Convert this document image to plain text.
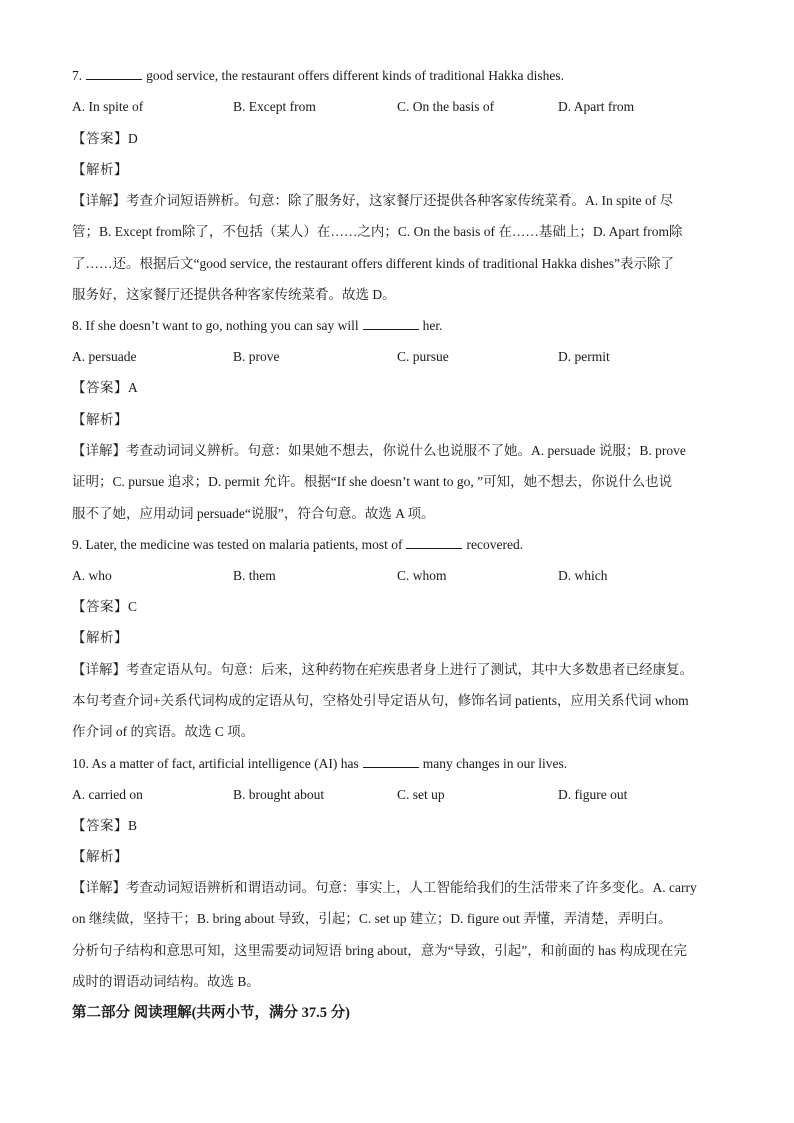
7.	good service, the restaurant offers different kinds of traditional Hakka dishes.
A. In spite of	B. Except from	C. On the basis of	D. Apart from
【答案】D
【解析】
【详解】考查介词短语辨析。句意：除了服务好，这家餐厅还提供各种客家传统菜肴。A. In spite of 尽
管；B. Except from除了，不包括（某人）在……之内；C. On the basis of 在……基础上；D. Apart from除
了……还。根据后文“good service, the restaurant offers different kinds of traditional Hakka dishes”表示除了
服务好，这家餐厅还提供各种客家传统菜肴。故选 D。
8. If she doesn’t want to go, nothing you can say will	her.
A. persuade	B. prove	C. pursue	D. permit
【答案】A
【解析】
【详解】考查动词词义辨析。句意：如果她不想去，你说什么也说服不了她。A. persuade 说服；B. prove
证明；C. pursue 追求；D. permit 允许。根据“If she doesn’t want to go, ”可知，她不想去，你说什么也说
服不了她，应用动词 persuade“说服”，符合句意。故选 A 项。
9. Later, the medicine was tested on malaria patients, most of	recovered.
A. who	B. them	C. whom	D. which
【答案】C
【解析】
【详解】考查定语从句。句意：后来，这种药物在疟疾患者身上进行了测试，其中大多数患者已经康复。
本句考查介词+关系代词构成的定语从句，空格处引导定语从句，修饰名词 patients，应用关系代词 whom
作介词 of 的宾语。故选 C 项。
10. As a matter of fact, artificial intelligence (AI) has	many changes in our lives.
A. carried on	B. brought about	C. set up	D. figure out
【答案】B
【解析】
【详解】考查动词短语辨析和谓语动词。句意：事实上，人工智能给我们的生活带来了许多变化。A. carry
on 继续做，坚持干；B. bring about 导致，引起；C. set up 建立；D. figure out 弄懂，弄清楚，弄明白。
分析句子结构和意思可知，这里需要动词短语 bring about，意为“导致，引起”，和前面的 has 构成现在完
成时的谓语动词结构。故选 B。
第二部分 阅读理解(共两小节，满分 37.5 分)
